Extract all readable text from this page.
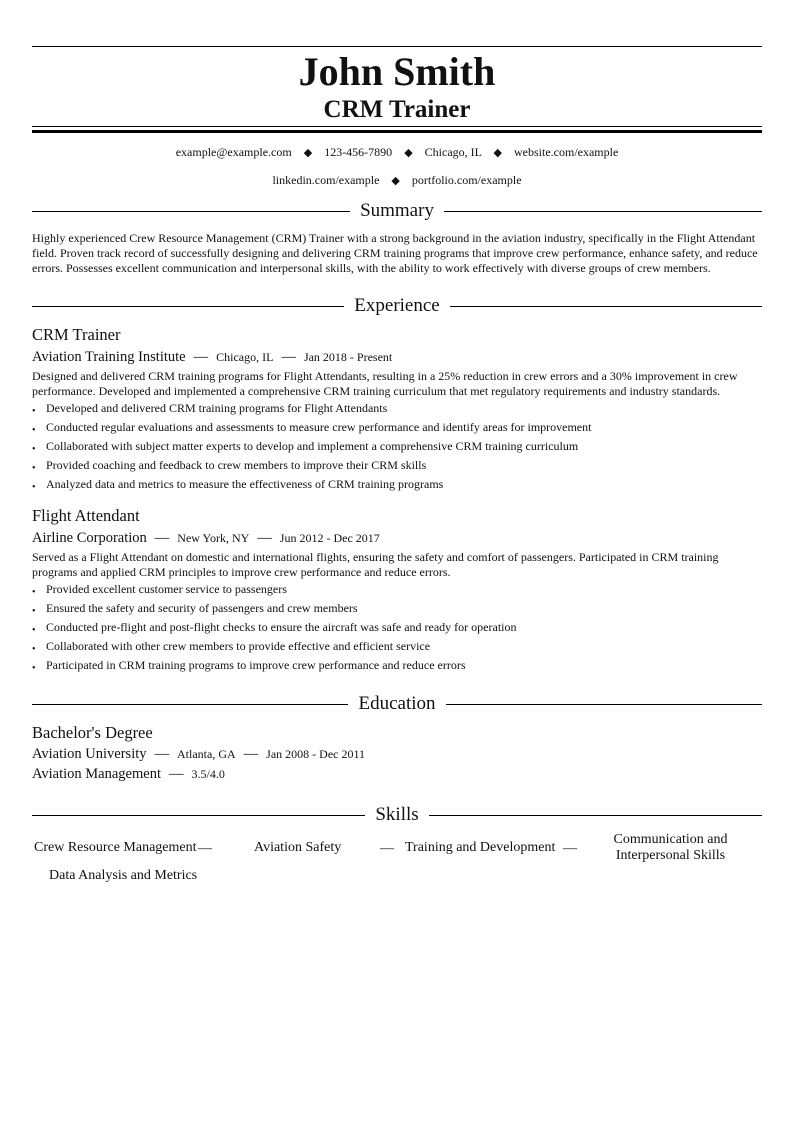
John Smith
CRM Trainer
example@example.com ◆ 123-456-7890 ◆ Chicago, IL ◆ website.com/example
linkedin.com/example ◆ portfolio.com/example
Summary
Highly experienced Crew Resource Management (CRM) Trainer with a strong background in the aviation industry, specifically in the Flight Attendant field. Proven track record of successfully designing and delivering CRM training programs that improve crew performance, enhance safety, and reduce errors. Possesses excellent communication and interpersonal skills, with the ability to work effectively with diverse groups of crew members.
Experience
CRM Trainer
Aviation Training Institute — Chicago, IL — Jan 2018 - Present
Designed and delivered CRM training programs for Flight Attendants, resulting in a 25% reduction in crew errors and a 30% improvement in crew performance. Developed and implemented a comprehensive CRM training curriculum that met regulatory requirements and industry standards.
• Developed and delivered CRM training programs for Flight Attendants
• Conducted regular evaluations and assessments to measure crew performance and identify areas for improvement
• Collaborated with subject matter experts to develop and implement a comprehensive CRM training curriculum
• Provided coaching and feedback to crew members to improve their CRM skills
• Analyzed data and metrics to measure the effectiveness of CRM training programs
Flight Attendant
Airline Corporation — New York, NY — Jun 2012 - Dec 2017
Served as a Flight Attendant on domestic and international flights, ensuring the safety and comfort of passengers. Participated in CRM training programs and applied CRM principles to improve crew performance and reduce errors.
• Provided excellent customer service to passengers
• Ensured the safety and security of passengers and crew members
• Conducted pre-flight and post-flight checks to ensure the aircraft was safe and ready for operation
• Collaborated with other crew members to provide effective and efficient service
• Participated in CRM training programs to improve crew performance and reduce errors
Education
Bachelor's Degree
Aviation University — Atlanta, GA — Jan 2008 - Dec 2011
Aviation Management — 3.5/4.0
Skills
Crew Resource Management —	Aviation Safety	— Training and Development —
Communication and Interpersonal Skills
Data Analysis and Metrics
